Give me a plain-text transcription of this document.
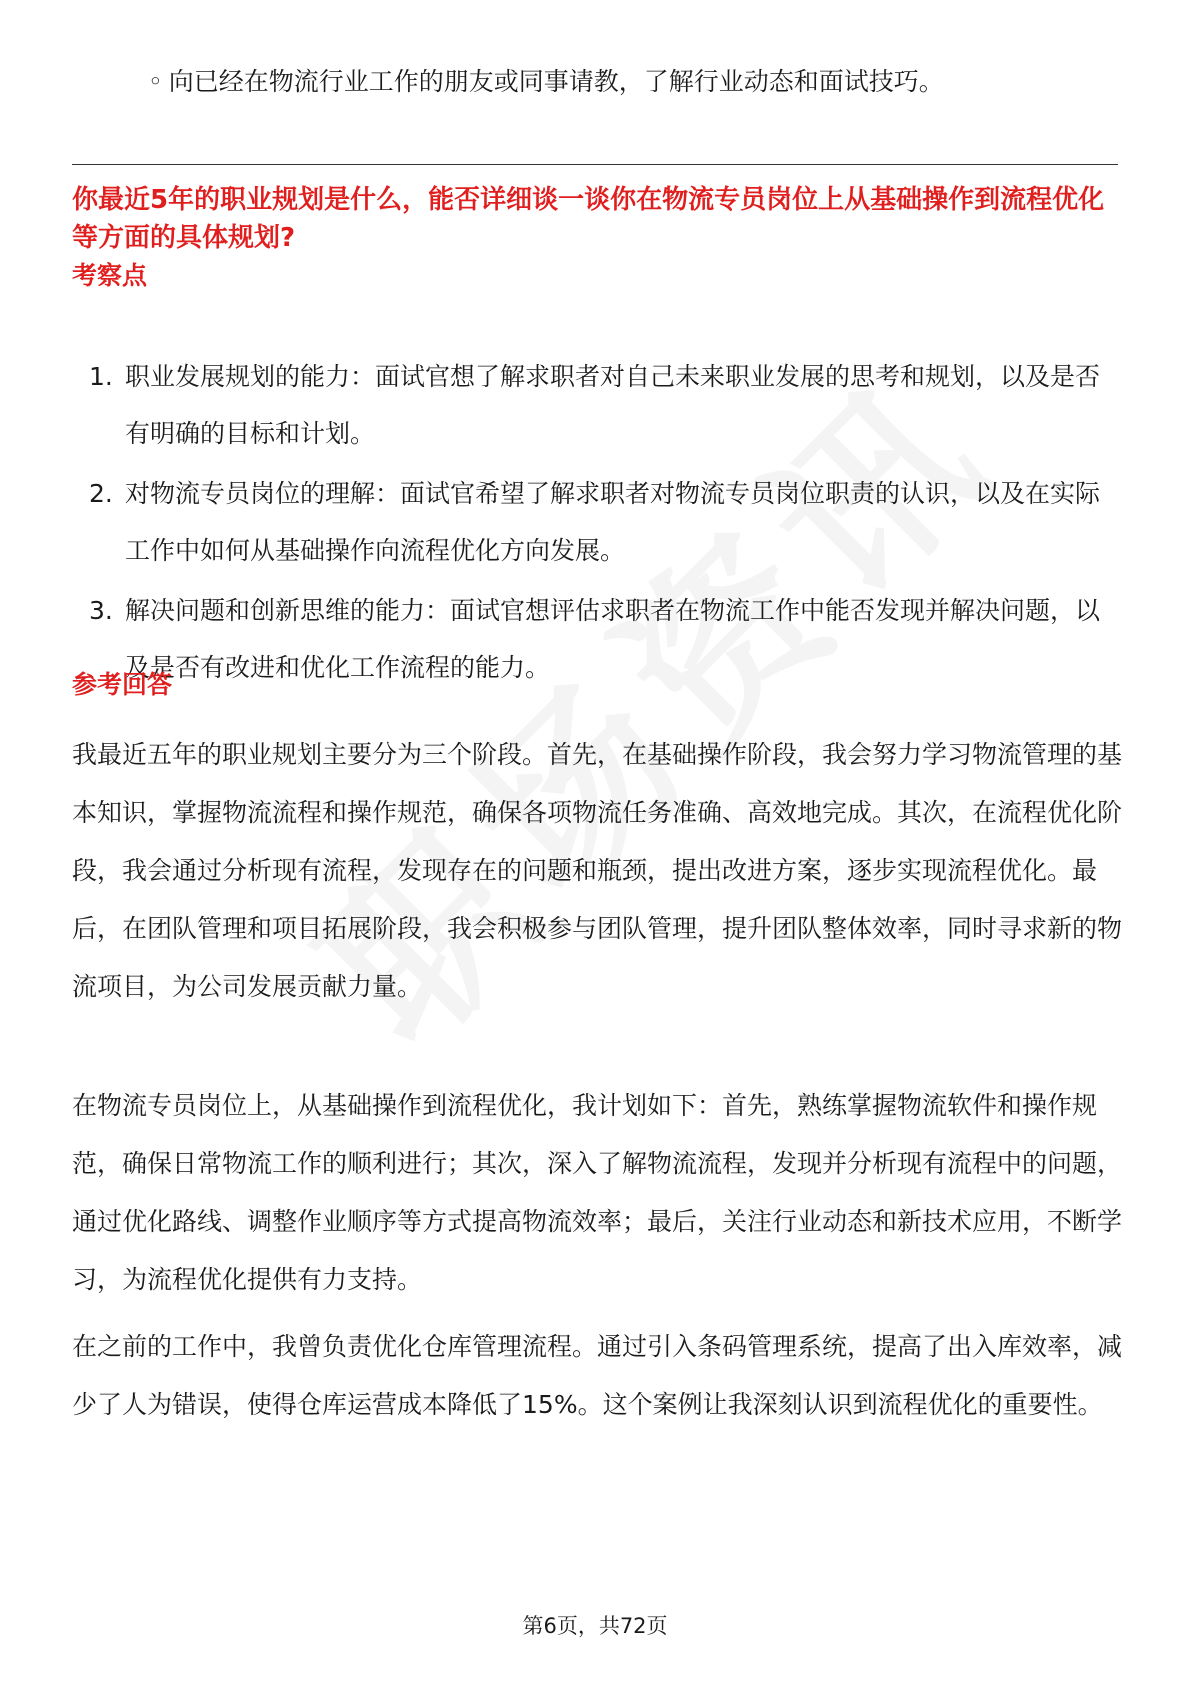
◦ 向已经在物流行业工作的朋友或同事请教，了解行业动态和面试技巧。
你最近5年的职业规划是什么，能否详细谈一谈你在物流专员岗位上从基础操作到流程优化等方面的具体规划?
考察点
1. 职业发展规划的能力：面试官想了解求职者对自己未来职业发展的思考和规划，以及是否有明确的目标和计划。
2. 对物流专员岗位的理解：面试官希望了解求职者对物流专员岗位职责的认识，以及在实际工作中如何从基础操作向流程优化方向发展。
3. 解决问题和创新思维的能力：面试官想评估求职者在物流工作中能否发现并解决问题，以及是否有改进和优化工作流程的能力。
参考回答

我最近五年的职业规划主要分为三个阶段。首先，在基础操作阶段，我会努力学习物流管理的基本知识，掌握物流流程和操作规范，确保各项物流任务准确、高效地完成。其次，在流程优化阶段，我会通过分析现有流程，发现存在的问题和瓶颈，提出改进方案，逐步实现流程优化。最后，在团队管理和项目拓展阶段，我会积极参与团队管理，提升团队整体效率，同时寻求新的物流项目，为公司发展贡献力量。

在物流专员岗位上，从基础操作到流程优化，我计划如下：首先，熟练掌握物流软件和操作规范，确保日常物流工作的顺利进行；其次，深入了解物流流程，发现并分析现有流程中的问题，通过优化路线、调整作业顺序等方式提高物流效率；最后，关注行业动态和新技术应用，不断学习，为流程优化提供有力支持。

在之前的工作中，我曾负责优化仓库管理流程。通过引入条码管理系统，提高了出入库效率，减少了人为错误，使得仓库运营成本降低了15%。这个案例让我深刻认识到流程优化的重要性。

第6页，共72页
